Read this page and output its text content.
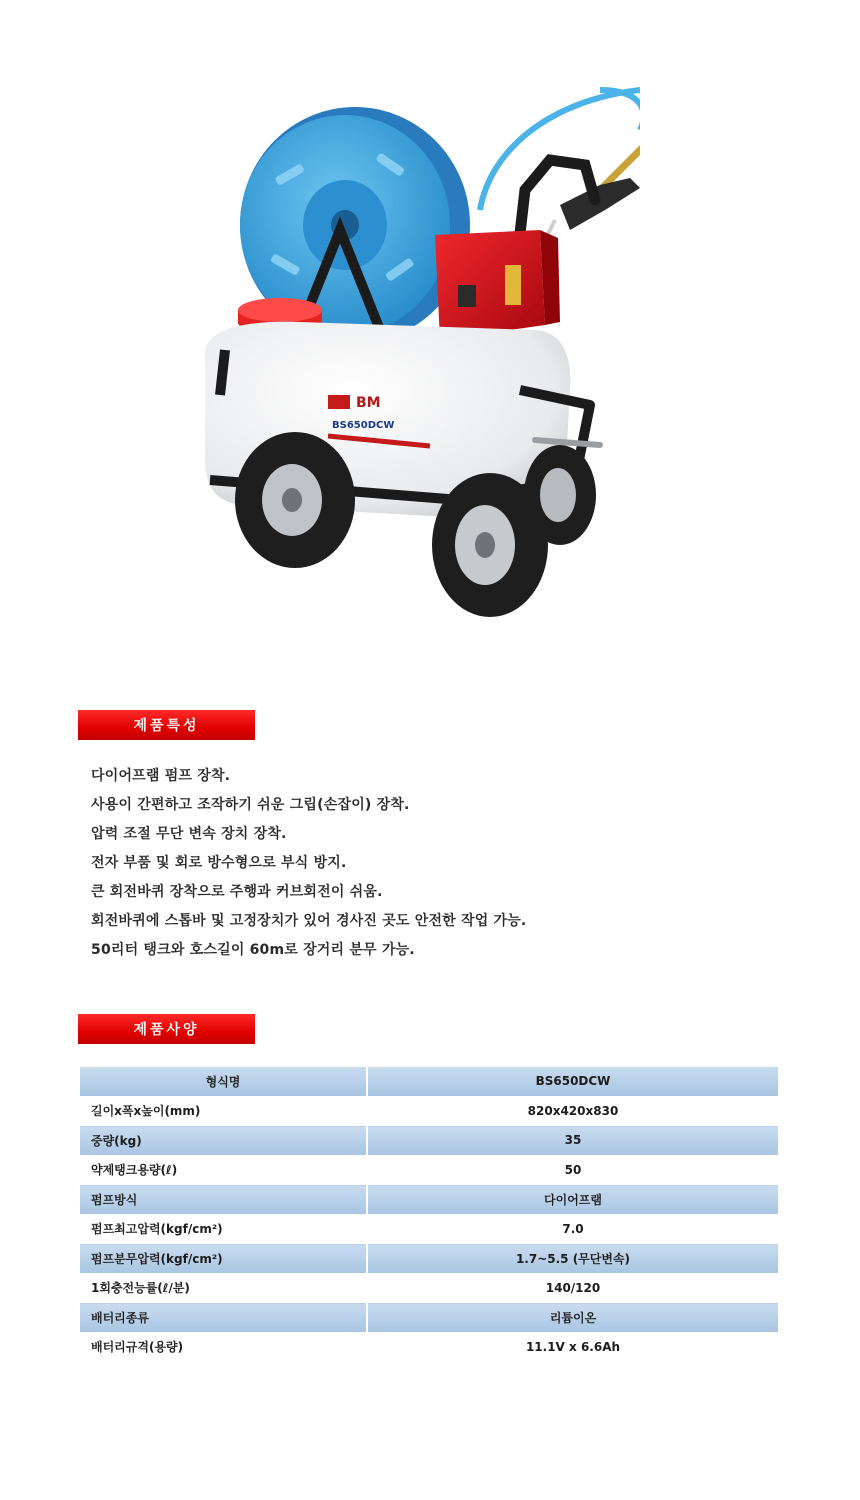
BM
BS650DCW
제품특성
다이어프램 펌프 장착.
사용이 간편하고 조작하기 쉬운 그립(손잡이) 장착.
압력 조절 무단 변속 장치 장착.
전자 부품 및 회로 방수형으로 부식 방지.
큰 회전바퀴 장착으로 주행과 커브회전이 쉬움.
회전바퀴에 스톱바 및 고정장치가 있어 경사진 곳도 안전한 작업 가능.
50리터 탱크와 호스길이 60m로 장거리 분무 가능.
제품사양
형식명		BS650DCW
길이x폭x높이(mm)		820x420x830
중량(kg)		35
약제탱크용량(ℓ)		50
펌프방식		다이어프램
펌프최고압력(kgf/cm²)		7.0
펌프분무압력(kgf/cm²)		1.7~5.5 (무단변속)
1회충전능률(ℓ/분)		140/120
배터리종류		리튬이온
배터리규격(용량)		11.1V x 6.6Ah
